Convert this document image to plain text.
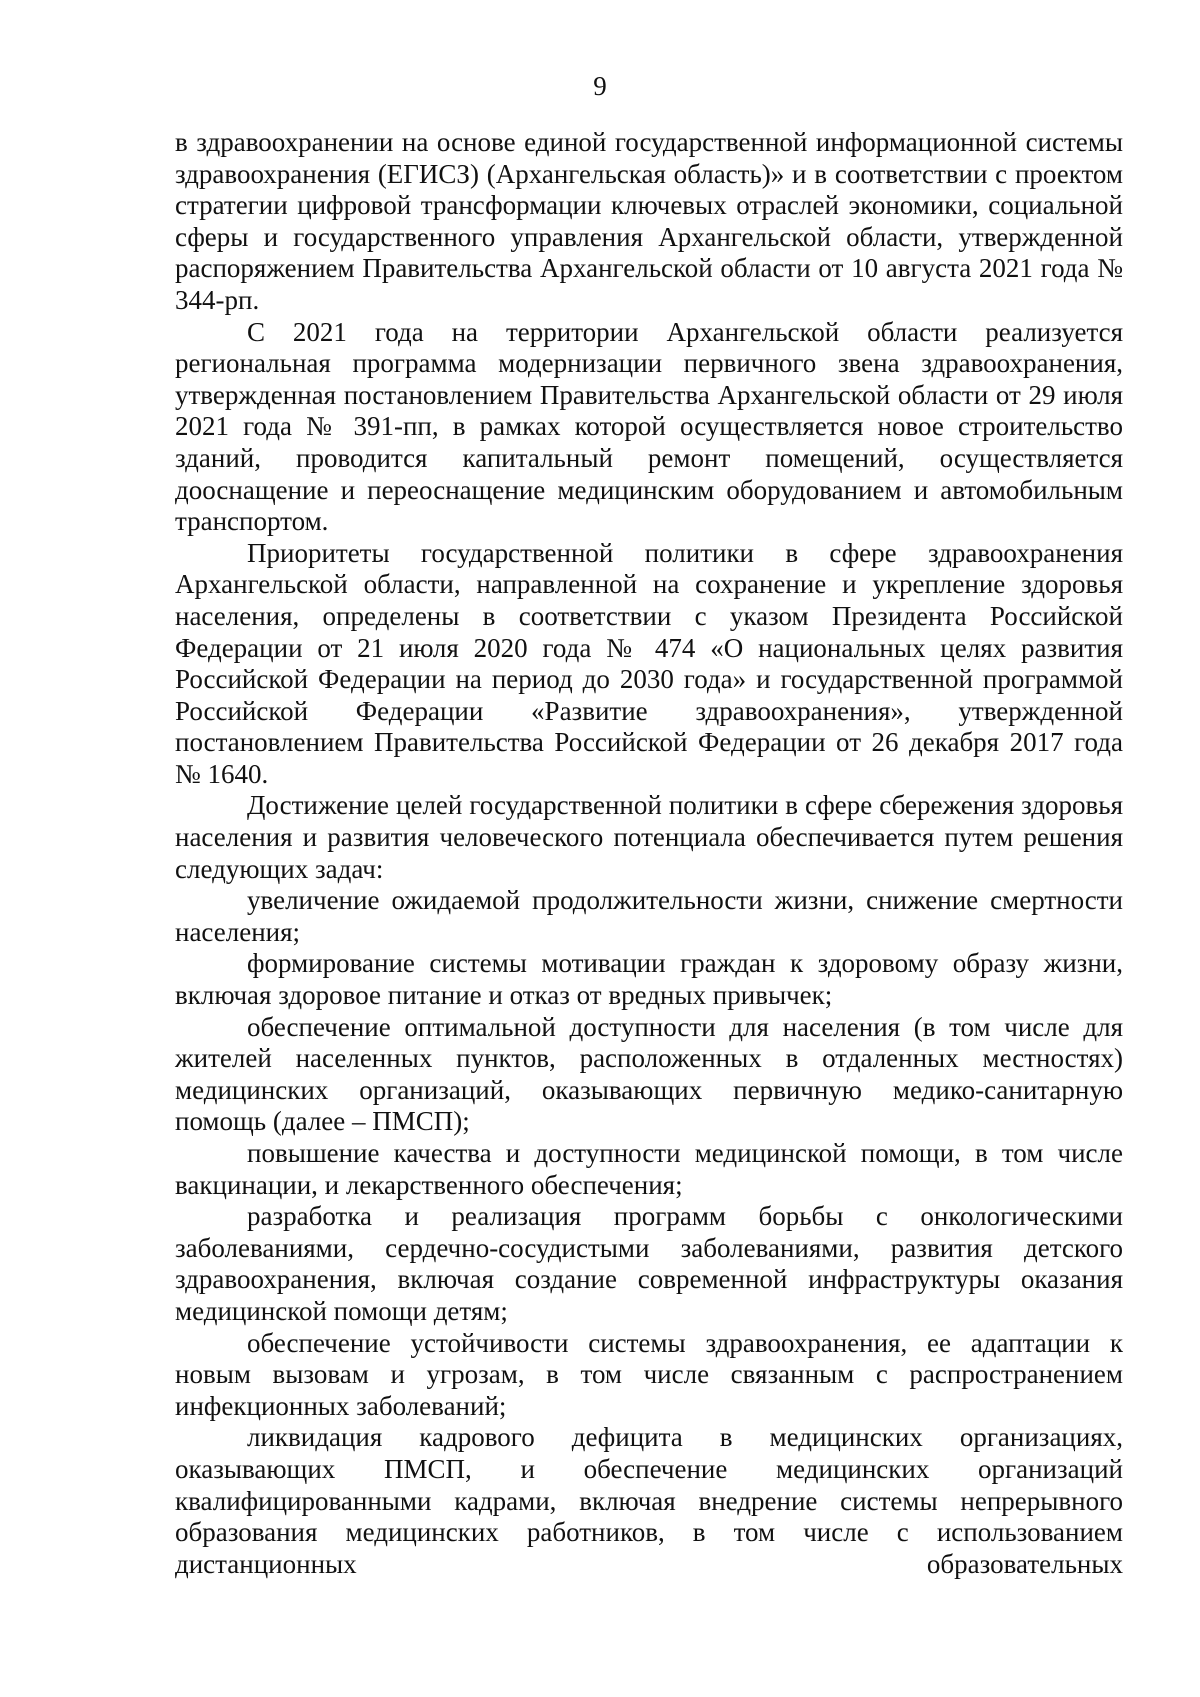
9

в здравоохранении на основе единой государственной информационной системы здравоохранения (ЕГИСЗ) (Архангельская область)» и в соответствии с проектом стратегии цифровой трансформации ключевых отраслей экономики, социальной сферы и государственного управления Архангельской области, утвержденной распоряжением Правительства Архангельской области от 10 августа 2021 года № 344-рп.

С 2021 года на территории Архангельской области реализуется региональная программа модернизации первичного звена здравоохранения, утвержденная постановлением Правительства Архангельской области от 29 июля 2021 года № 391-пп, в рамках которой осуществляется новое строительство зданий, проводится капитальный ремонт помещений, осуществляется дооснащение и переоснащение медицинским оборудованием и автомобильным транспортом.

Приоритеты государственной политики в сфере здравоохранения Архангельской области, направленной на сохранение и укрепление здоровья населения, определены в соответствии с указом Президента Российской Федерации от 21 июля 2020 года № 474 «О национальных целях развития Российской Федерации на период до 2030 года» и государственной программой Российской Федерации «Развитие здравоохранения», утвержденной постановлением Правительства Российской Федерации от 26 декабря 2017 года № 1640.

Достижение целей государственной политики в сфере сбережения здоровья населения и развития человеческого потенциала обеспечивается путем решения следующих задач:

увеличение ожидаемой продолжительности жизни, снижение смертности населения;

формирование системы мотивации граждан к здоровому образу жизни, включая здоровое питание и отказ от вредных привычек;

обеспечение оптимальной доступности для населения (в том числе для жителей населенных пунктов, расположенных в отдаленных местностях) медицинских организаций, оказывающих первичную медико-санитарную помощь (далее – ПМСП);

повышение качества и доступности медицинской помощи, в том числе вакцинации, и лекарственного обеспечения;

разработка и реализация программ борьбы с онкологическими заболеваниями, сердечно-сосудистыми заболеваниями, развития детского здравоохранения, включая создание современной инфраструктуры оказания медицинской помощи детям;

обеспечение устойчивости системы здравоохранения, ее адаптации к новым вызовам и угрозам, в том числе связанным с распространением инфекционных заболеваний;

ликвидация кадрового дефицита в медицинских организациях, оказывающих ПМСП, и обеспечение медицинских организаций квалифицированными кадрами, включая внедрение системы непрерывного образования медицинских работников, в том числе с использованием дистанционных образовательных
